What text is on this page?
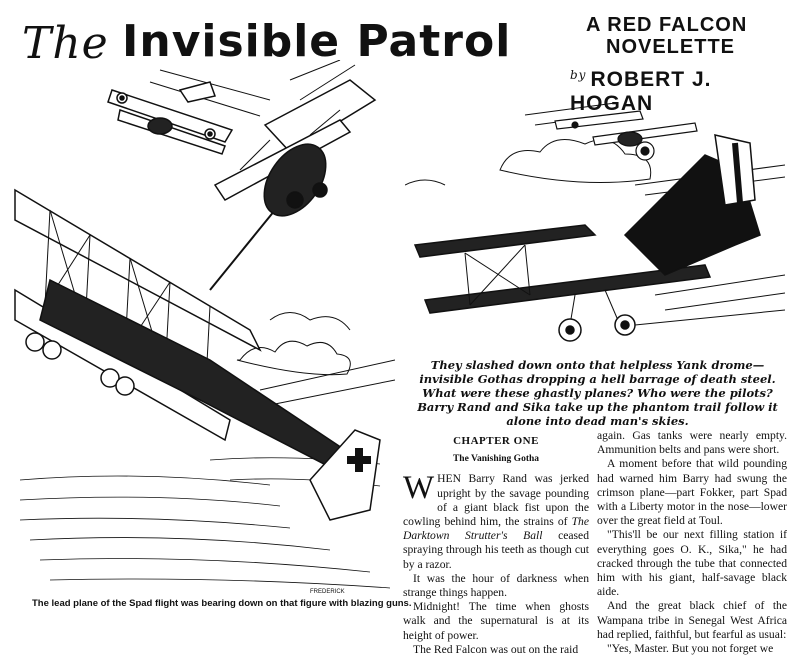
The Invisible Patrol	A RED FALCON
NOVELETTE
$^{by}$ ROBERT J. HOGAN
FREDERICK
The lead plane of the Spad flight was bearing down on that figure with blazing guns.
They slashed down onto that helpless Yank drome—invisible Gothas dropping a hell barrage of death steel. What were these ghastly planes? Who were the pilots? Barry Rand and Sika take up the phantom trail follow it alone into dead man's skies.
CHAPTER ONE
The Vanishing Gotha

WHEN Barry Rand was jerked upright by the savage pounding of a giant black fist upon the cowling behind him, the strains of The Darktown Strutter's Ball ceased spraying through his teeth as though cut by a razor.

It was the hour of darkness when strange things happen.

Midnight! The time when ghosts walk and the supernatural is at its height of power.

The Red Falcon was out on the raid

again. Gas tanks were nearly empty. Ammunition belts and pans were short.

A moment before that wild pounding had warned him Barry had swung the crimson plane—part Fokker, part Spad with a Liberty motor in the nose—lower over the great field at Toul.

"This'll be our next filling station if everything goes O. K., Sika," he had cracked through the tube that connected him with his giant, half-savage black aide.

And the great black chief of the Wampana tribe in Senegal West Africa had replied, faithful, but fearful as usual:

"Yes, Master. But you not forget we
